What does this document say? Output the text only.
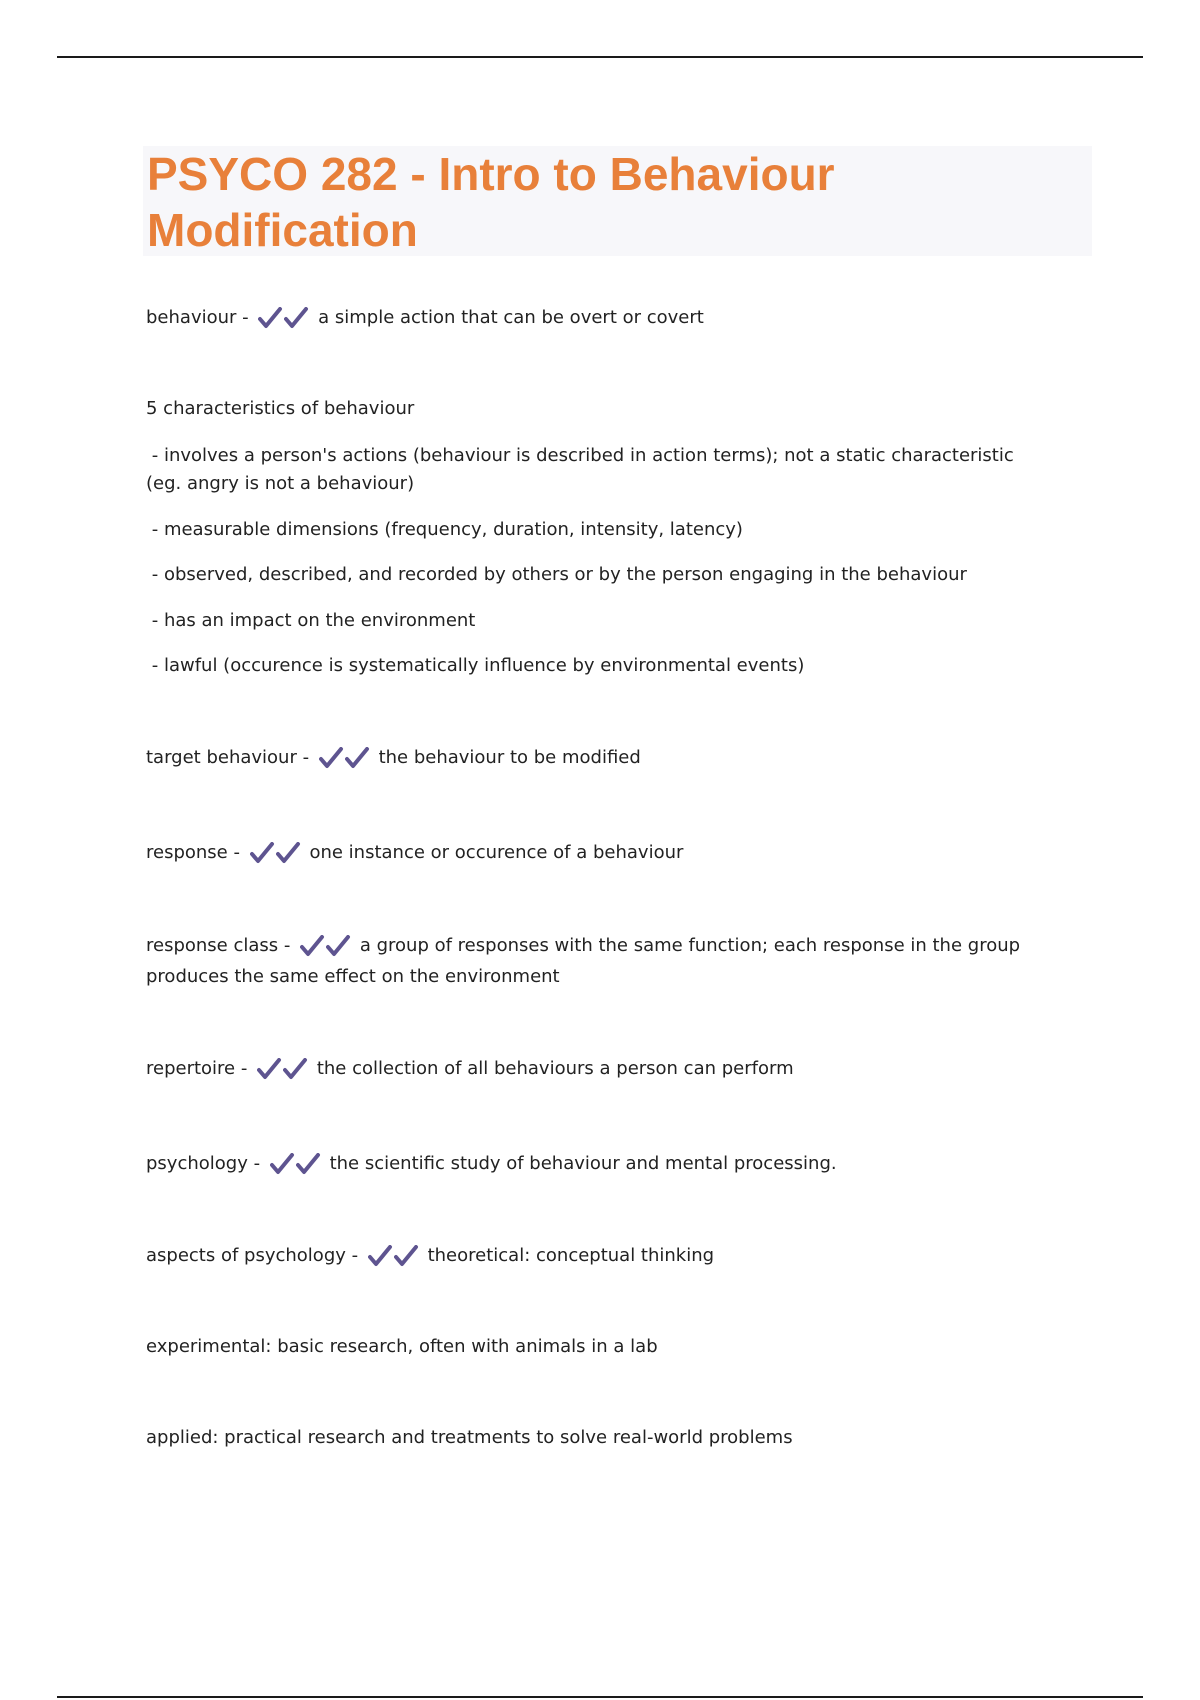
PSYCO 282 - Intro to Behaviour Modification
behaviour -	a simple action that can be overt or covert
5 characteristics of behaviour
- involves a person's actions (behaviour is described in action terms); not a static characteristic (eg. angry is not a behaviour)
- measurable dimensions (frequency, duration, intensity, latency)
- observed, described, and recorded by others or by the person engaging in the behaviour
- has an impact on the environment
- lawful (occurence is systematically influence by environmental events)
target behaviour -	the behaviour to be modified
response -	one instance or occurence of a behaviour
response class -	a group of responses with the same function; each response in the group produces the same effect on the environment
repertoire -	the collection of all behaviours a person can perform
psychology -	the scientific study of behaviour and mental processing.
aspects of psychology -	theoretical: conceptual thinking
experimental: basic research, often with animals in a lab
applied: practical research and treatments to solve real-world problems
